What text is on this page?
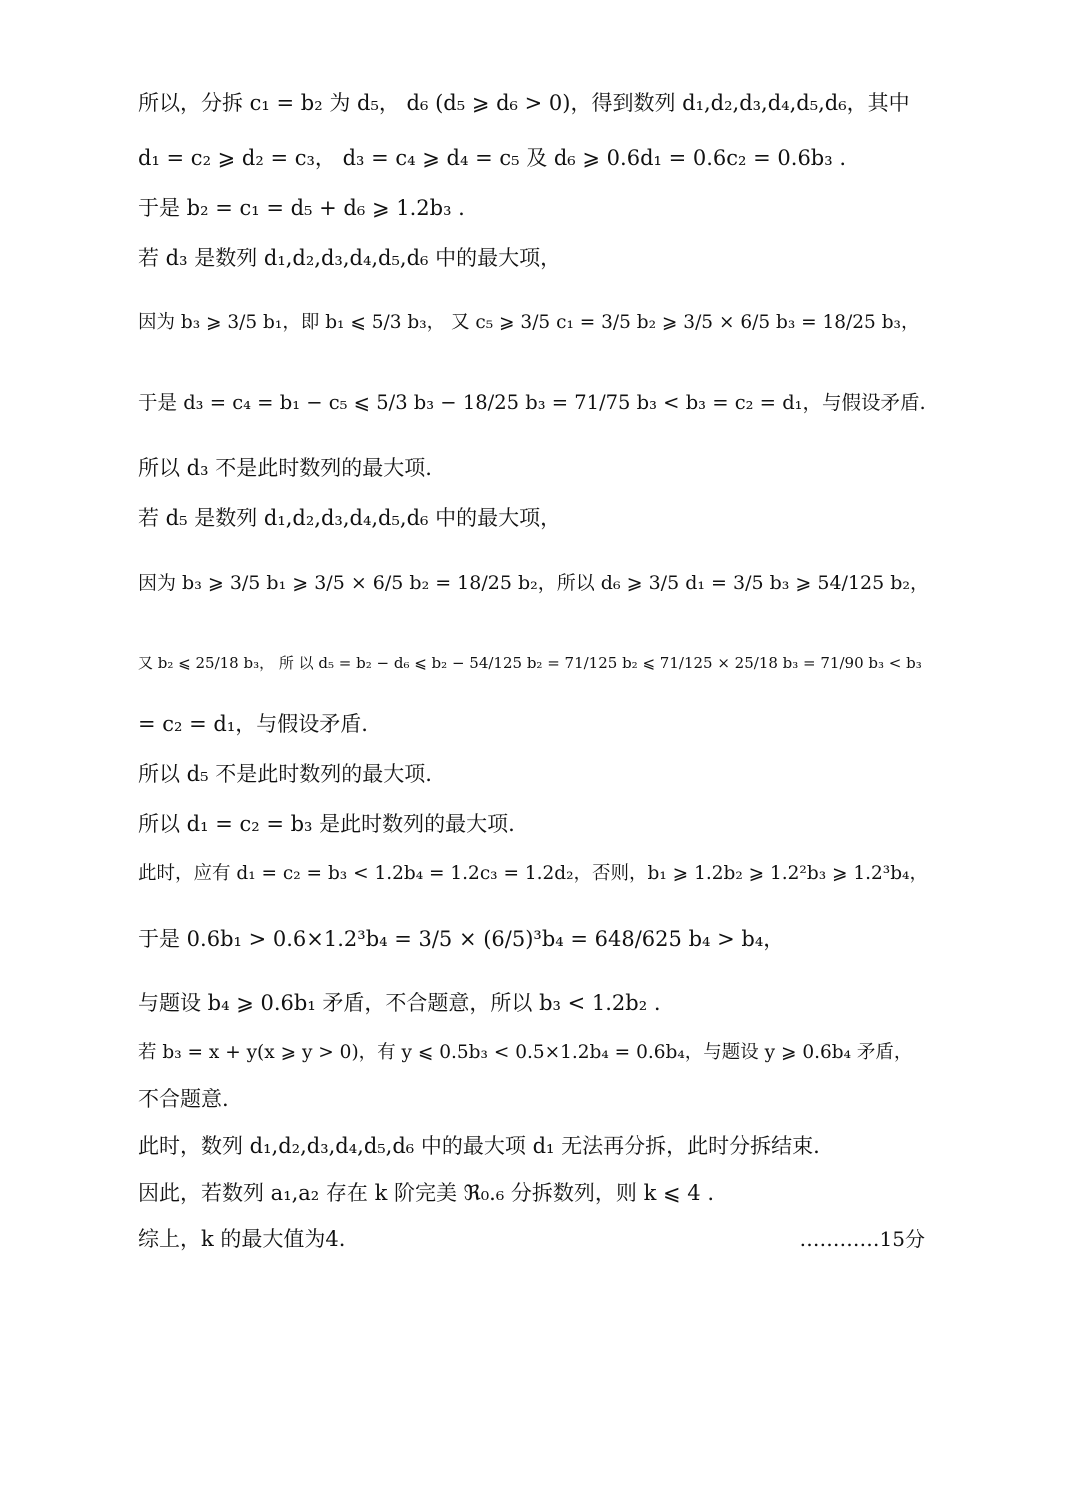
所以，分拆 c₁ = b₂ 为 d₅， d₆ (d₅ ⩾ d₆ > 0)，得到数列 d₁,d₂,d₃,d₄,d₅,d₆，其中
d₁ = c₂ ⩾ d₂ = c₃， d₃ = c₄ ⩾ d₄ = c₅ 及 d₆ ⩾ 0.6d₁ = 0.6c₂ = 0.6b₃ .
于是 b₂ = c₁ = d₅ + d₆ ⩾ 1.2b₃ .
若 d₃ 是数列 d₁,d₂,d₃,d₄,d₅,d₆ 中的最大项，
因为 b₃ ⩾ 3/5 b₁，即 b₁ ⩽ 5/3 b₃， 又 c₅ ⩾ 3/5 c₁ = 3/5 b₂ ⩾ 3/5 × 6/5 b₃ = 18/25 b₃，
于是 d₃ = c₄ = b₁ − c₅ ⩽ 5/3 b₃ − 18/25 b₃ = 71/75 b₃ < b₃ = c₂ = d₁，与假设矛盾.
所以 d₃ 不是此时数列的最大项.
若 d₅ 是数列 d₁,d₂,d₃,d₄,d₅,d₆ 中的最大项，
因为 b₃ ⩾ 3/5 b₁ ⩾ 3/5 × 6/5 b₂ = 18/25 b₂，所以 d₆ ⩾ 3/5 d₁ = 3/5 b₃ ⩾ 54/125 b₂，
又 b₂ ⩽ 25/18 b₃， 所 以 d₅ = b₂ − d₆ ⩽ b₂ − 54/125 b₂ = 71/125 b₂ ⩽ 71/125 × 25/18 b₃ = 71/90 b₃ < b₃
= c₂ = d₁，与假设矛盾.
所以 d₅ 不是此时数列的最大项.
所以 d₁ = c₂ = b₃ 是此时数列的最大项.
此时，应有 d₁ = c₂ = b₃ < 1.2b₄ = 1.2c₃ = 1.2d₂，否则，b₁ ⩾ 1.2b₂ ⩾ 1.2²b₃ ⩾ 1.2³b₄，
于是 0.6b₁ > 0.6×1.2³b₄ = 3/5 × (6/5)³b₄ = 648/625 b₄ > b₄，
与题设 b₄ ⩾ 0.6b₁ 矛盾，不合题意，所以 b₃ < 1.2b₂ .
若 b₃ = x + y(x ⩾ y > 0)，有 y ⩽ 0.5b₃ < 0.5×1.2b₄ = 0.6b₄，与题设 y ⩾ 0.6b₄ 矛盾，
不合题意.
此时，数列 d₁,d₂,d₃,d₄,d₅,d₆ 中的最大项 d₁ 无法再分拆，此时分拆结束.
因此，若数列 a₁,a₂ 存在 k 阶完美 ℜ₀.₆ 分拆数列，则 k ⩽ 4 .
综上，k 的最大值为4.	…………15分
